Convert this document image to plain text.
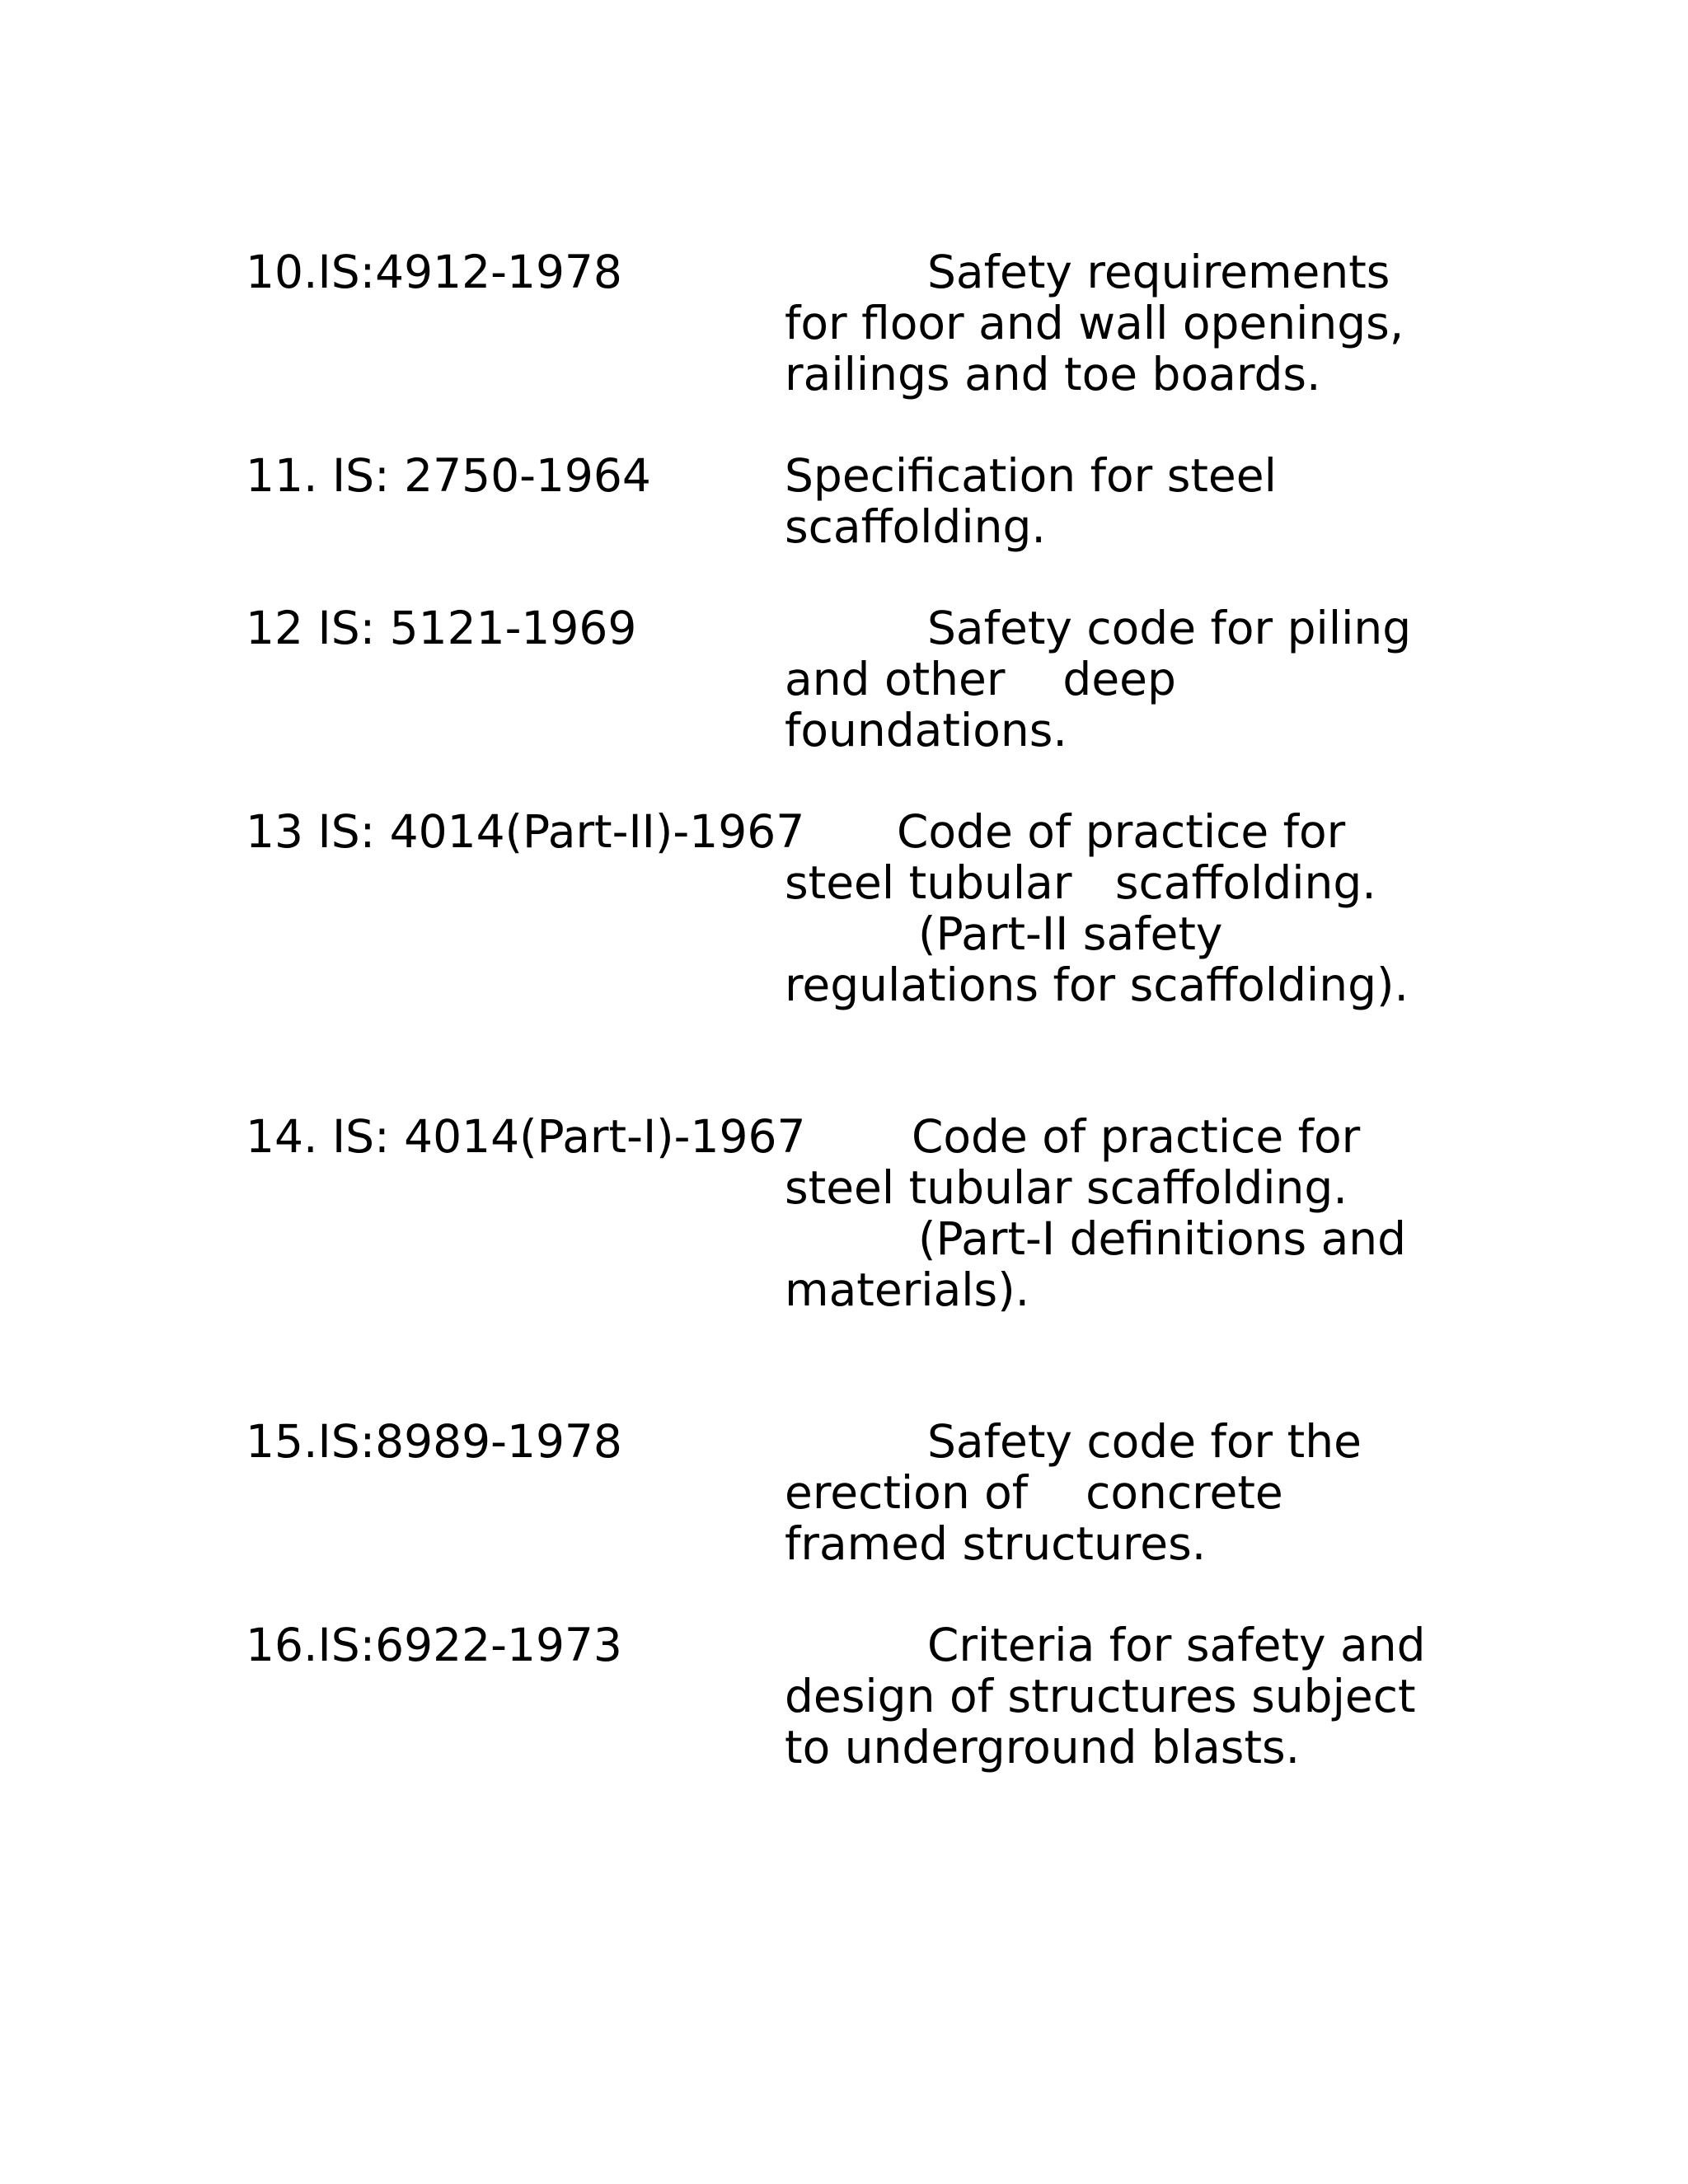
10.IS:4912-1978	Safety requirements
for floor and wall openings,
railings and toe boards.
11. IS: 2750-1964	Specification for steel
scaffolding.
12 IS: 5121-1969	Safety code for piling
and other    deep
foundations.
13 IS: 4014(Part-II)-1967 Code of practice for
steel tubular   scaffolding.
(Part-II safety
regulations for scaffolding).
14. IS: 4014(Part-I)-1967 Code of practice for
steel tubular scaffolding.
(Part-I definitions and
materials).
15.IS:8989-1978	Safety code for the
erection of    concrete
framed structures.
16.IS:6922-1973	Criteria for safety and
design of structures subject
to underground blasts.
